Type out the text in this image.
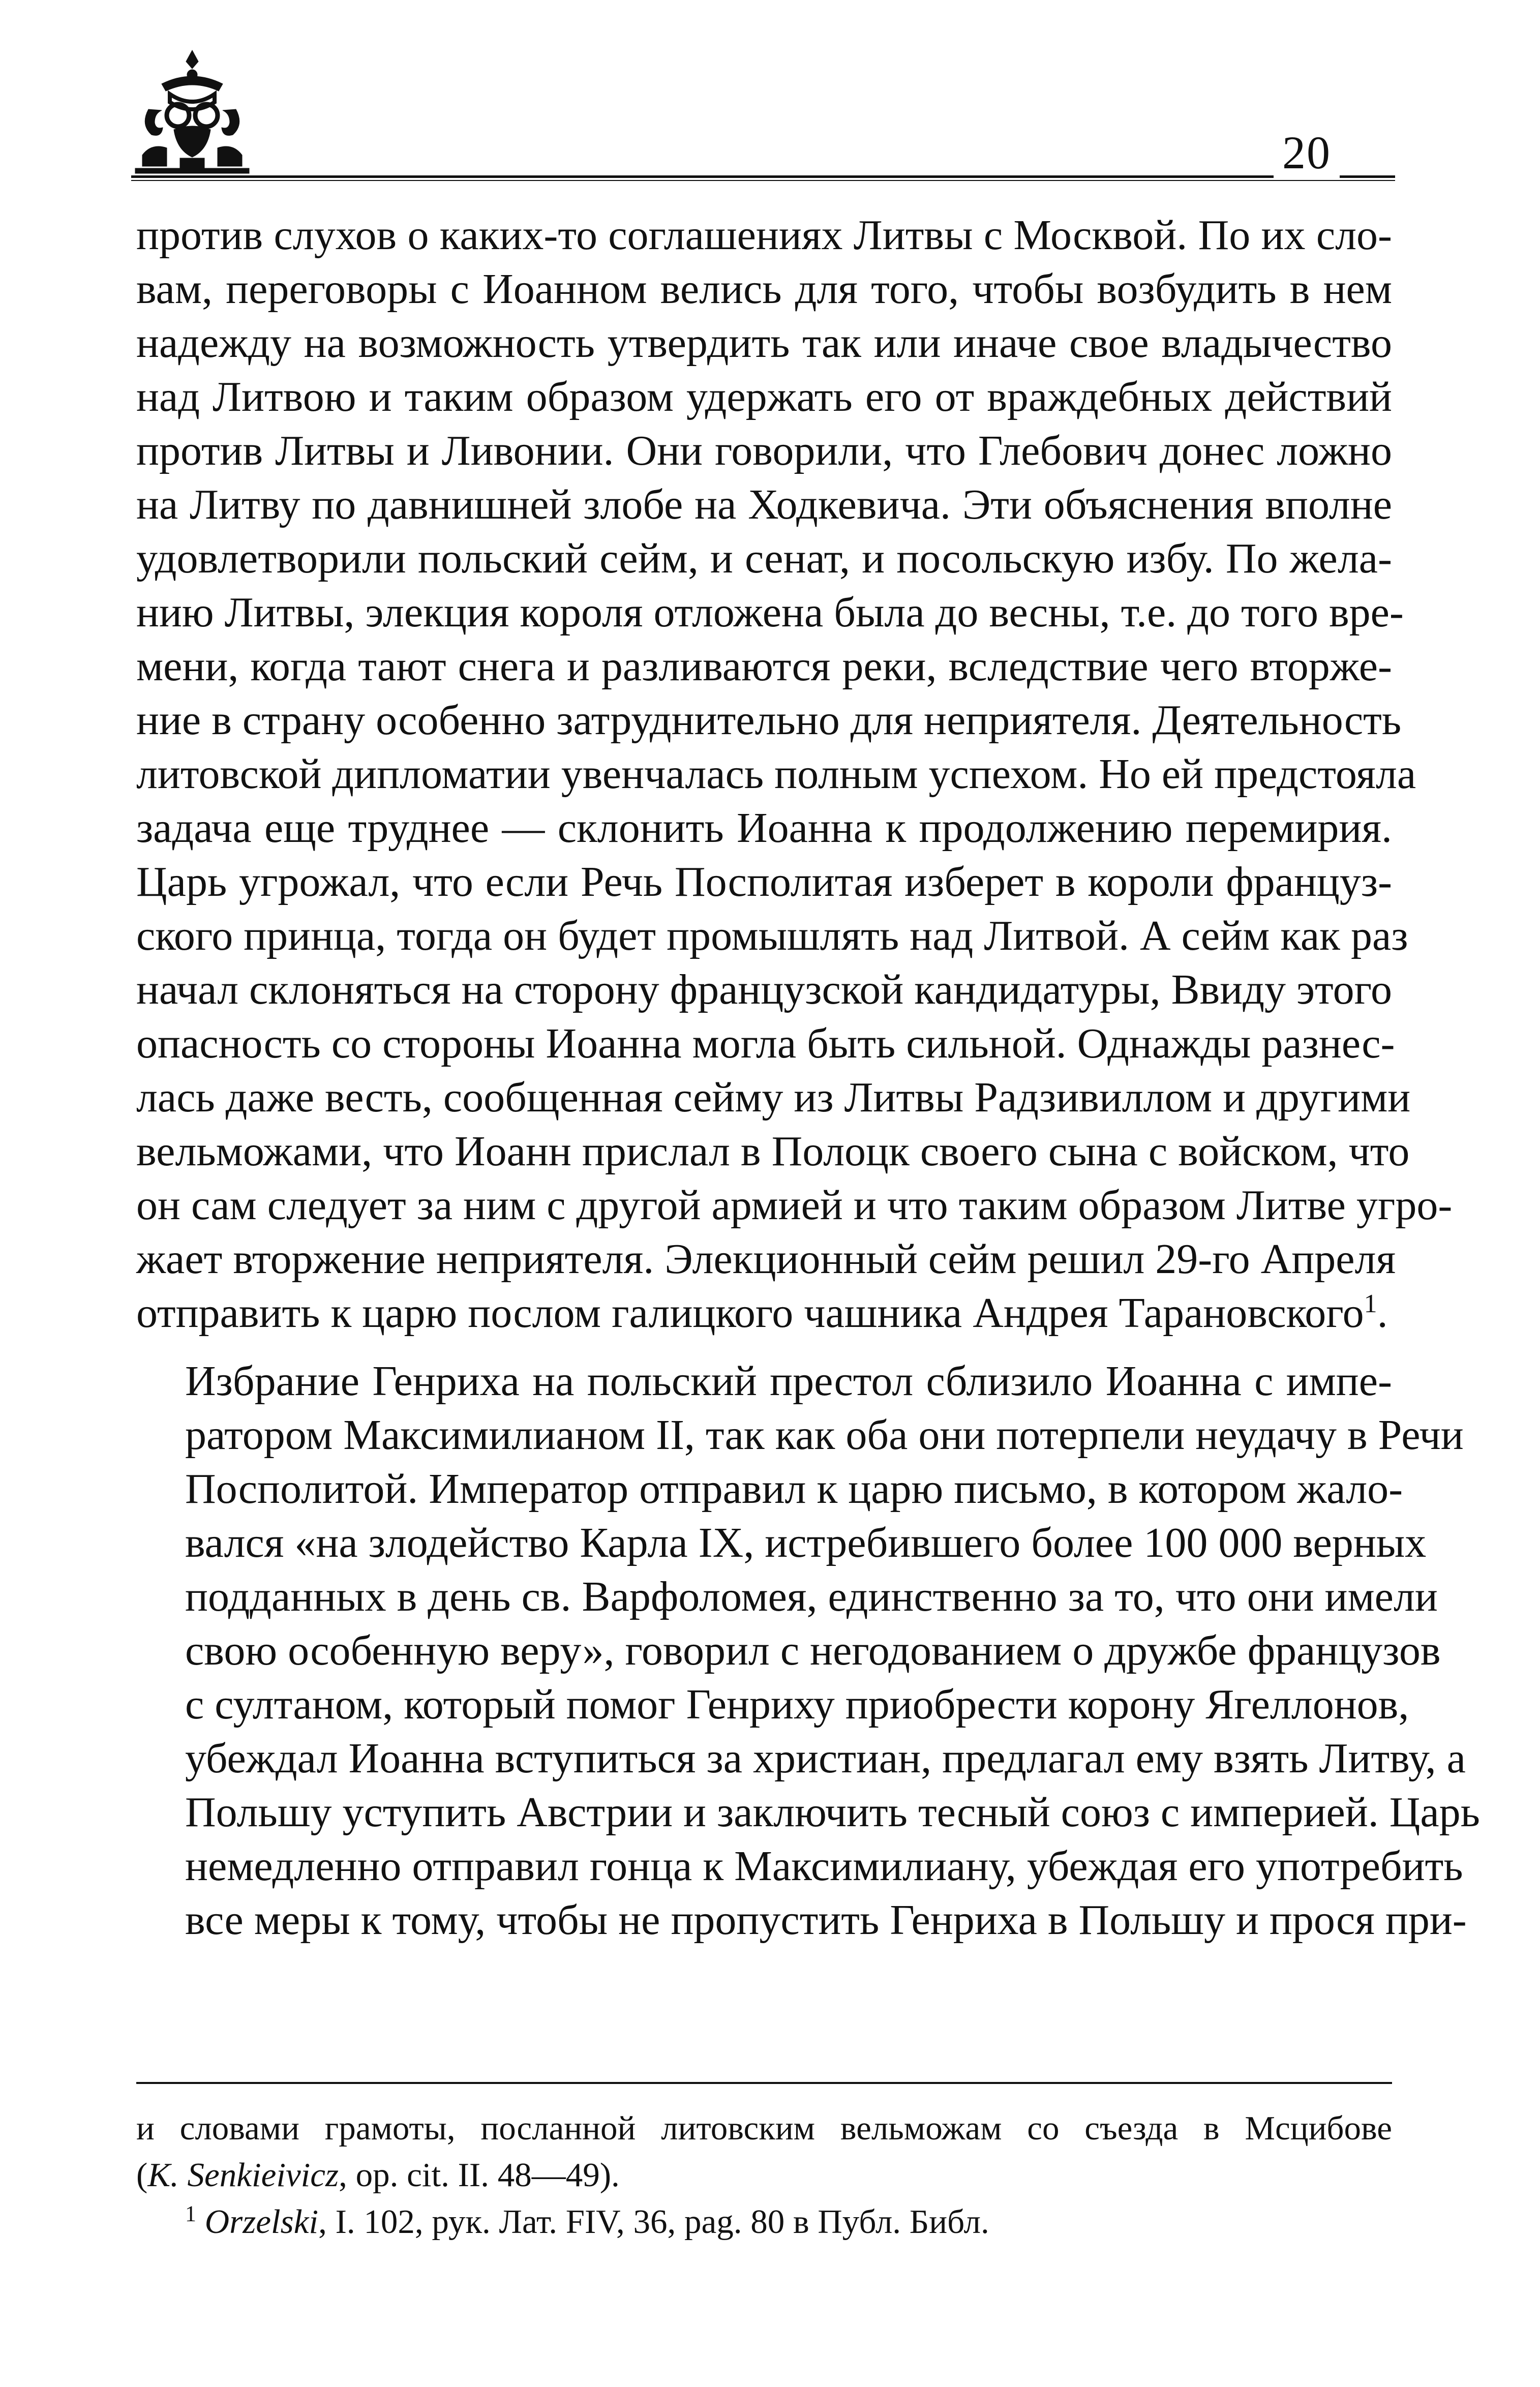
20

против слухов о каких-то соглашениях Литвы с Москвой. По их сло-
вам, переговоры с Иоанном велись для того, чтобы возбудить в нем
надежду на возможность утвердить так или иначе свое владычество
над Литвою и таким образом удержать его от враждебных действий
против Литвы и Ливонии. Они говорили, что Глебович донес ложно
на Литву по давнишней злобе на Ходкевича. Эти объяснения вполне
удовлетворили польский сейм, и сенат, и посольскую избу. По жела-
нию Литвы, элекция короля отложена была до весны, т.е. до того вре-
мени, когда тают снега и разливаются реки, вследствие чего вторже-
ние в страну особенно затруднительно для неприятеля. Деятельность
литовской дипломатии увенчалась полным успехом. Но ей предстояла
задача еще труднее — склонить Иоанна к продолжению перемирия.
Царь угрожал, что если Речь Посполитая изберет в короли француз-
ского принца, тогда он будет промышлять над Литвой. А сейм как раз
начал склоняться на сторону французской кандидатуры, Ввиду этого
опасность со стороны Иоанна могла быть сильной. Однажды разнес-
лась даже весть, сообщенная сейму из Литвы Радзивиллом и другими
вельможами, что Иоанн прислал в Полоцк своего сына с войском, что
он сам следует за ним с другой армией и что таким образом Литве угро-
жает вторжение неприятеля. Элекционный сейм решил 29-го Апреля
отправить к царю послом галицкого чашника Андрея Тарановского$^1$.

Избрание Генриха на польский престол сблизило Иоанна с импе-
ратором Максимилианом II, так как оба они потерпели неудачу в Речи
Посполитой. Император отправил к царю письмо, в котором жало-
вался «на злодейство Карла IX, истребившего более 100 000 верных
подданных в день св. Варфоломея, единственно за то, что они имели
свою особенную веру», говорил с негодованием о дружбе французов
с султаном, который помог Генриху приобрести корону Ягеллонов,
убеждал Иоанна вступиться за христиан, предлагал ему взять Литву, а
Польшу уступить Австрии и заключить тесный союз с империей. Царь
немедленно отправил гонца к Максимилиану, убеждая его употребить
все меры к тому, чтобы не пропустить Генриха в Польшу и прося при-

и словами грамоты, посланной литовским вельможам со съезда в Мсцибове
(K. Senkieivicz, op. cit. II. 48—49).

$^1$ Orzelski, I. 102, рук. Лат. FIV, 36, pag. 80 в Публ. Библ.
